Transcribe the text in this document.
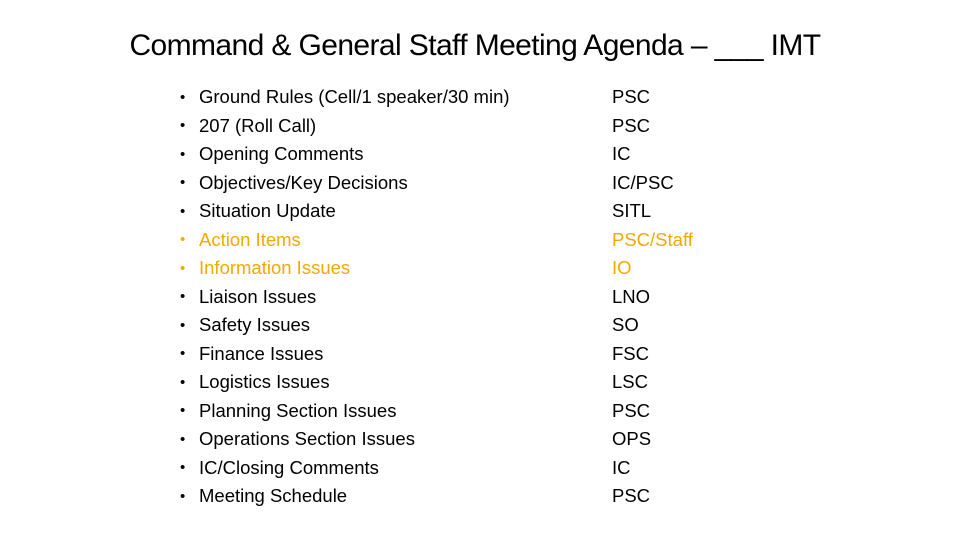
Command & General Staff Meeting Agenda – ___ IMT
• Ground Rules (Cell/1 speaker/30 min)	PSC
• 207 (Roll Call)	PSC
• Opening Comments	IC
• Objectives/Key Decisions	IC/PSC
• Situation Update	SITL
• Action Items	PSC/Staff
• Information Issues	IO
• Liaison Issues	LNO
• Safety Issues	SO
• Finance Issues	FSC
• Logistics Issues	LSC
• Planning Section Issues	PSC
• Operations Section Issues	OPS
• IC/Closing Comments	IC
• Meeting Schedule	PSC
